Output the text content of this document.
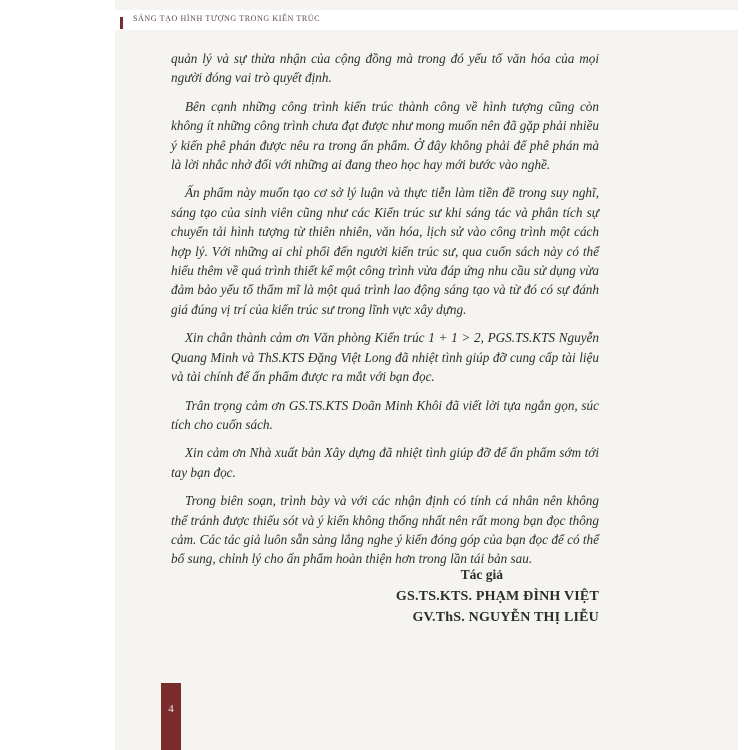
SÁNG TẠO HÌNH TƯỢNG TRONG KIẾN TRÚC

quản lý và sự thừa nhận của cộng đồng mà trong đó yếu tố văn hóa của mọi người đóng vai trò quyết định.

Bên cạnh những công trình kiến trúc thành công về hình tượng cũng còn không ít những công trình chưa đạt được như mong muốn nên đã gặp phải nhiều ý kiến phê phán được nêu ra trong ấn phẩm. Ở đây không phải để phê phán mà là lời nhắc nhở đối với những ai đang theo học hay mới bước vào nghề.

Ấn phẩm này muốn tạo cơ sở lý luận và thực tiễn làm tiền đề trong suy nghĩ, sáng tạo của sinh viên cũng như các Kiến trúc sư khi sáng tác và phân tích sự chuyển tải hình tượng từ thiên nhiên, văn hóa, lịch sử vào công trình một cách hợp lý. Với những ai chỉ phối đến người kiến trúc sư, qua cuốn sách này có thể hiểu thêm về quá trình thiết kế một công trình vừa đáp ứng nhu cầu sử dụng vừa đảm bảo yếu tố thẩm mĩ là một quá trình lao động sáng tạo và từ đó có sự đánh giá đúng vị trí của kiến trúc sư trong lĩnh vực xây dựng.

Xin chân thành cảm ơn Văn phòng Kiến trúc 1 + 1 > 2, PGS.TS.KTS Nguyễn Quang Minh và ThS.KTS Đặng Việt Long đã nhiệt tình giúp đỡ cung cấp tài liệu và tài chính để ấn phẩm được ra mắt với bạn đọc.

Trân trọng cảm ơn GS.TS.KTS Doãn Minh Khôi đã viết lời tựa ngắn gọn, súc tích cho cuốn sách.

Xin cảm ơn Nhà xuất bản Xây dựng đã nhiệt tình giúp đỡ để ấn phẩm sớm tới tay bạn đọc.

Trong biên soạn, trình bày và với các nhận định có tính cá nhân nên không thể tránh được thiếu sót và ý kiến không thống nhất nên rất mong bạn đọc thông cảm. Các tác giả luôn sẵn sàng lắng nghe ý kiến đóng góp của bạn đọc để có thể bổ sung, chỉnh lý cho ấn phẩm hoàn thiện hơn trong lần tái bản sau.

Tác giả
GS.TS.KTS. PHẠM ĐÌNH VIỆT
GV.ThS. NGUYỄN THỊ LIỄU
4
